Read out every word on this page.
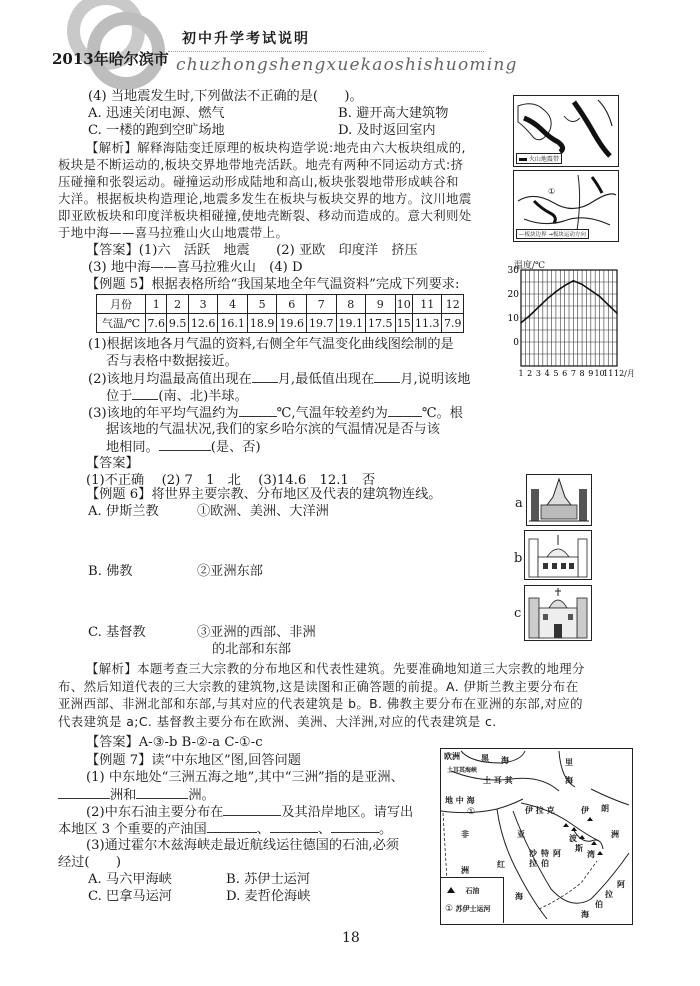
2013年哈尔滨市
初中升学考试说明
chuzhongshengxuekaoshishuoming
(4) 当地震发生时,下列做法不正确的是(　　)。
A. 迅速关闭电源、燃气	B. 避开高大建筑物
C. 一楼的跑到空旷场地	D. 及时返回室内
【解析】解释海陆变迁原理的板块构造学说:地壳由六大板块组成的,
板块是不断运动的,板块交界地带地壳活跃。地壳有两种不同运动方式:挤
压碰撞和张裂运动。碰撞运动形成陆地和高山,板块张裂地带形成峡谷和
大洋。根据板块构造理论,地震多发生在板块与板块交界的地方。汶川地震
即亚欧板块和印度洋板块相碰撞,使地壳断裂、移动而造成的。意大利则处
于地中海——喜马拉雅山火山地震带上。
【答案】(1)六　活跃　地震　　(2) 亚欧　印度洋　挤压
(3) 地中海——喜马拉雅火山　(4) D
火山地震带
①
—板块边界 →板块运动方向
【例题 5】根据表格所给“我国某地全年气温资料”完成下列要求:
月份	1	2	3	4	5	6	7	8	9	10	11	12
气温/℃	7.6	9.5	12.6	16.1	18.9	19.6	19.7	19.1	17.5	15	11.3	7.9
(1)根据该地各月气温的资料,右侧全年气温变化曲线图绘制的是
否与表格中数据接近。
(2)该地月均温最高值出现在 月,最低值出现在 月,说明该地
位于 (南、北)半球。
(3)该地的年平均气温约为	℃,气温年较差约为	℃。根
据该地的气温状况,我们的家乡哈尔滨的气温情况是否与该
地相同。	(是、否)
【答案】
(1)不正确　 (2) 7　1　北　 (3)14.6　12.1　否
温度/℃
30
20
10
0
1 2 3 4 5 6 7 8 9 10
11 12/月
【例题 6】将世界主要宗教、分布地区及代表的建筑物连线。
A. 伊斯兰教	①欧洲、美洲、大洋洲
B. 佛教	②亚洲东部
C. 基督教	③亚洲的西部、非洲
的北部和东部
a
b
c
【解析】本题考查三大宗教的分布地区和代表性建筑。先要准确地知道三大宗教的地理分
布、然后知道代表的三大宗教的建筑物,这是读图和正确答题的前提。A. 伊斯兰教主要分布在
亚洲西部、非洲北部和东部,与其对应的代表建筑是 b。B. 佛教主要分布在亚洲的东部,对应的
代表建筑是 a;C. 基督教主要分布在欧洲、美洲、大洋洲,对应的代表建筑是 c.
【答案】A-③-b B-②-a C-①-c
【例题 7】读“中东地区”图,回答问题
(1) 中东地处“三洲五海之地”,其中“三洲”指的是亚洲、
洲和	洲。
(2)中东石油主要分布在	及其沿岸地区。请写出
本地区 3 个重要的产油国	、	、	。
(3)通过霍尔木兹海峡走最近航线运往德国的石油,必须
经过(　　)
A. 马六甲海峡	B. 苏伊士运河
C. 巴拿马运河	D. 麦哲伦海峡
欧洲	黑 海	里
海
土耳其海峡
土 耳 其
地 中 海
①	伊 拉 克	伊 朗
非
洲
亚	洲
波
斯
湾
沙特阿拉伯
红
海
阿
拉
伯
海
石油
① 苏伊士运河
18
